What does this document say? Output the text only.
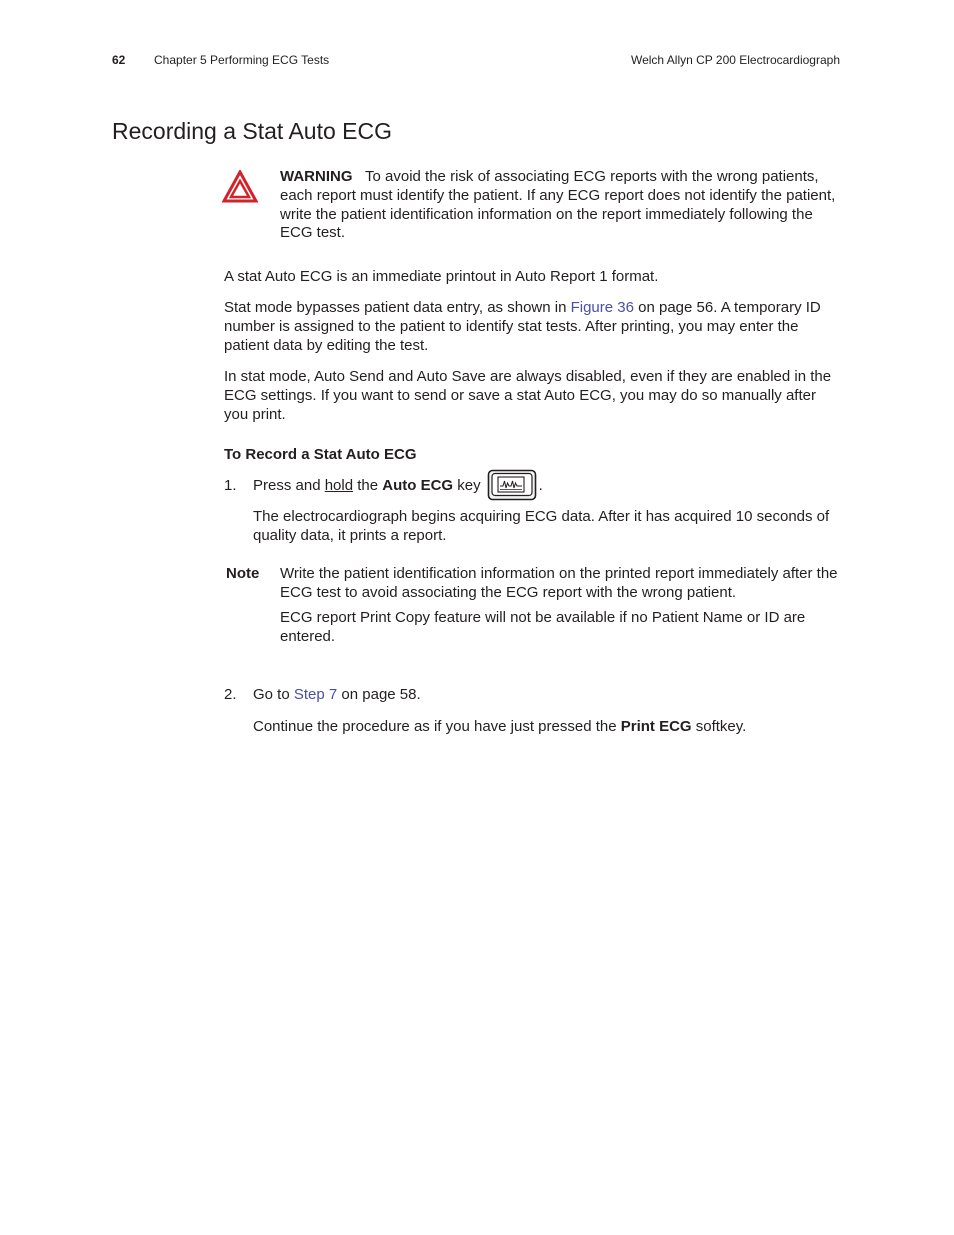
62 Chapter 5 Performing ECG Tests	Welch Allyn CP 200 Electrocardiograph
Recording a Stat Auto ECG
WARNING To avoid the risk of associating ECG reports with the wrong patients, each report must identify the patient. If any ECG report does not identify the patient, write the patient identification information on the report immediately following the ECG test.
A stat Auto ECG is an immediate printout in Auto Report 1 format.
Stat mode bypasses patient data entry, as shown in Figure 36 on page 56. A temporary ID number is assigned to the patient to identify stat tests. After printing, you may enter the patient data by editing the test.
In stat mode, Auto Send and Auto Save are always disabled, even if they are enabled in the ECG settings. If you want to send or save a stat Auto ECG, you may do so manually after you print.
To Record a Stat Auto ECG
1. Press and hold the Auto ECG key	.
The electrocardiograph begins acquiring ECG data. After it has acquired 10 seconds of quality data, it prints a report.
Note Write the patient identification information on the printed report immediately after the ECG test to avoid associating the ECG report with the wrong patient.
ECG report Print Copy feature will not be available if no Patient Name or ID are entered.
2. Go to Step 7 on page 58.
Continue the procedure as if you have just pressed the Print ECG softkey.
